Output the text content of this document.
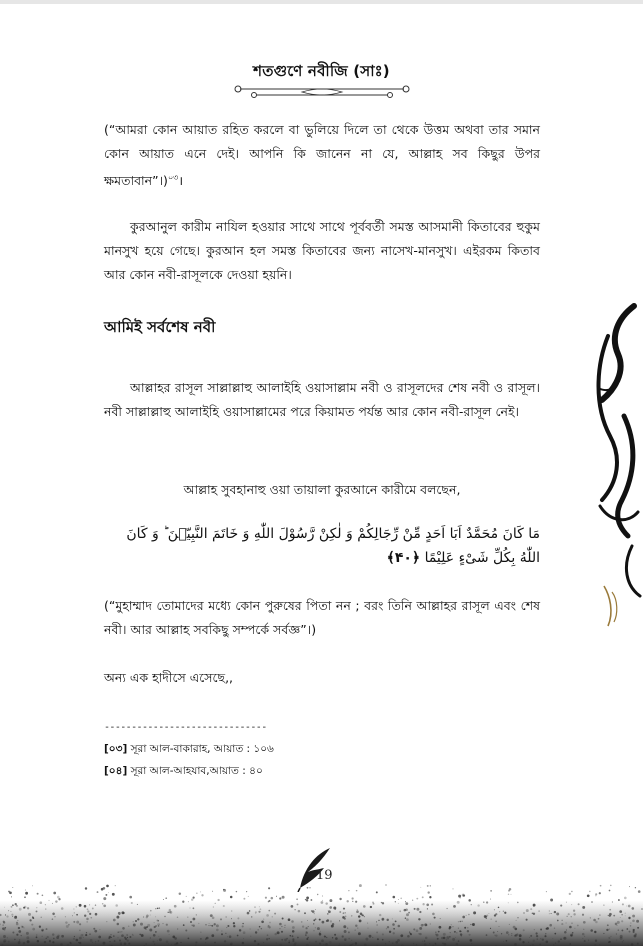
শতগুণে নবীজি (সাঃ)

(“আমরা কোন আয়াত রহিত করলে বা ভুলিয়ে দিলে তা থেকে উত্তম অথবা তার সমান কোন আয়াত এনে দেই। আপনি কি জানেন না যে, আল্লাহ সব কিছুর উপর ক্ষমতাবান”।)$^{০৩}$।

কুরআনুল কারীম নাযিল হওয়ার সাথে সাথে পূর্ববর্তী সমস্ত আসমানী কিতাবের হুকুম মানসুখ হয়ে গেছে। কুরআন হল সমস্ত কিতাবের জন্য নাসেখ-মানসুখ। এইরকম কিতাব আর কোন নবী-রাসূলকে দেওয়া হয়নি।

আমিই সর্বশেষ নবী

আল্লাহর রাসূল সাল্লাল্লাহু আলাইহি ওয়াসাল্লাম নবী ও রাসূলদের শেষ নবী ও রাসূল। নবী সাল্লাল্লাহু আলাইহি ওয়াসাল্লামের পরে কিয়ামত পর্যন্ত আর কোন নবী-রাসূল নেই।

আল্লাহ সুবহানাহু ওয়া তায়ালা কুরআনে কারীমে বলছেন,

مَا كَانَ مُحَمَّدٌ اَبَا اَحَدٍ مِّنْ رِّجَالِكُمْ وَ لٰكِنْ رَّسُوْلَ اللّٰهِ وَ خَاتَمَ النَّبِيّٖنَ ؕ وَ كَانَ اللّٰهُ بِكُلِّ شَیْءٍ عَلِیْمًا ﴿۴۰﴾

(“মুহাম্মাদ তোমাদের মধ্যে কোন পুরুষের পিতা নন ; বরং তিনি আল্লাহর রাসূল এবং শেষ নবী। আর আল্লাহ সবকিছু সম্পর্কে সর্বজ্ঞ”।)

অন্য এক হাদীসে এসেছে,,

------------------------------
[০৩] সূরা আল-বাকারাহ, আয়াত : ১০৬
[০৪] সূরা আল-আহযাব,আয়াত : ৪০
19
